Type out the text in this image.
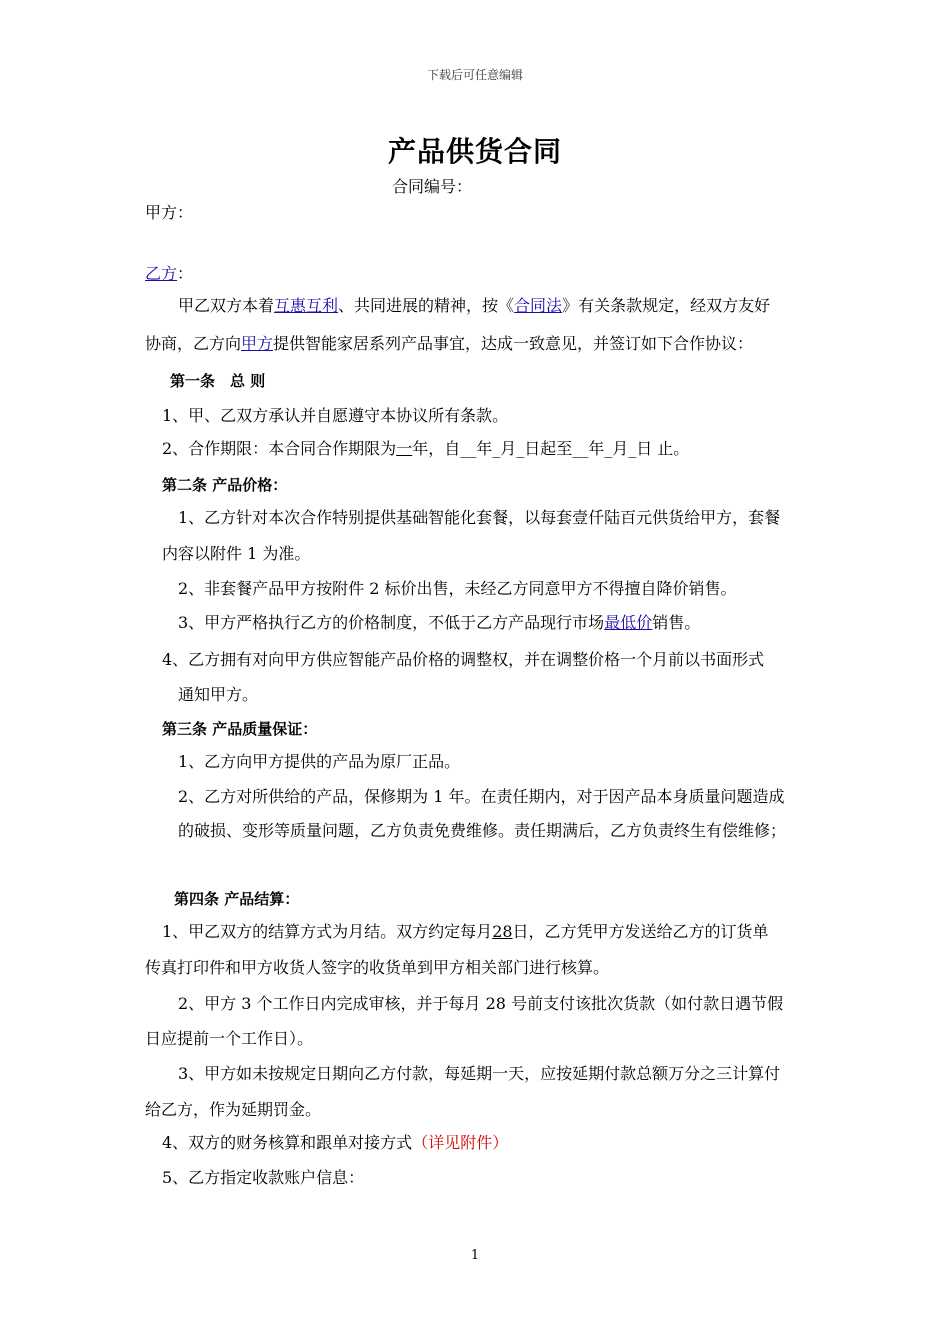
下载后可任意编辑
产品供货合同
合同编号：
甲方：
乙方：
甲乙双方本着互惠互利、共同进展的精神，按《合同法》有关条款规定，经双方友好
协商，乙方向甲方提供智能家居系列产品事宜，达成一致意见，并签订如下合作协议：
第一条　总 则
1、甲、乙双方承认并自愿遵守本协议所有条款。
2、合作期限：本合同合作期限为一年，自__年_月_日起至__年_月_日 止。
第二条 产品价格：
1、乙方针对本次合作特别提供基础智能化套餐，以每套壹仟陆百元供货给甲方，套餐
内容以附件 1 为准。
2、非套餐产品甲方按附件 2 标价出售，未经乙方同意甲方不得擅自降价销售。
3、甲方严格执行乙方的价格制度，不低于乙方产品现行市场最低价销售。
4、乙方拥有对向甲方供应智能产品价格的调整权，并在调整价格一个月前以书面形式
通知甲方。
第三条 产品质量保证：
1、乙方向甲方提供的产品为原厂正品。
2、乙方对所供给的产品，保修期为 1 年。在责任期内，对于因产品本身质量问题造成
的破损、变形等质量问题，乙方负责免费维修。责任期满后，乙方负责终生有偿维修；
第四条 产品结算：
1、甲乙双方的结算方式为月结。双方约定每月28日，乙方凭甲方发送给乙方的订货单
传真打印件和甲方收货人签字的收货单到甲方相关部门进行核算。
2、甲方 3 个工作日内完成审核，并于每月 28 号前支付该批次货款（如付款日遇节假
日应提前一个工作日）。
3、甲方如未按规定日期向乙方付款，每延期一天，应按延期付款总额万分之三计算付
给乙方，作为延期罚金。
4、双方的财务核算和跟单对接方式（详见附件）
5、乙方指定收款账户信息：
1
